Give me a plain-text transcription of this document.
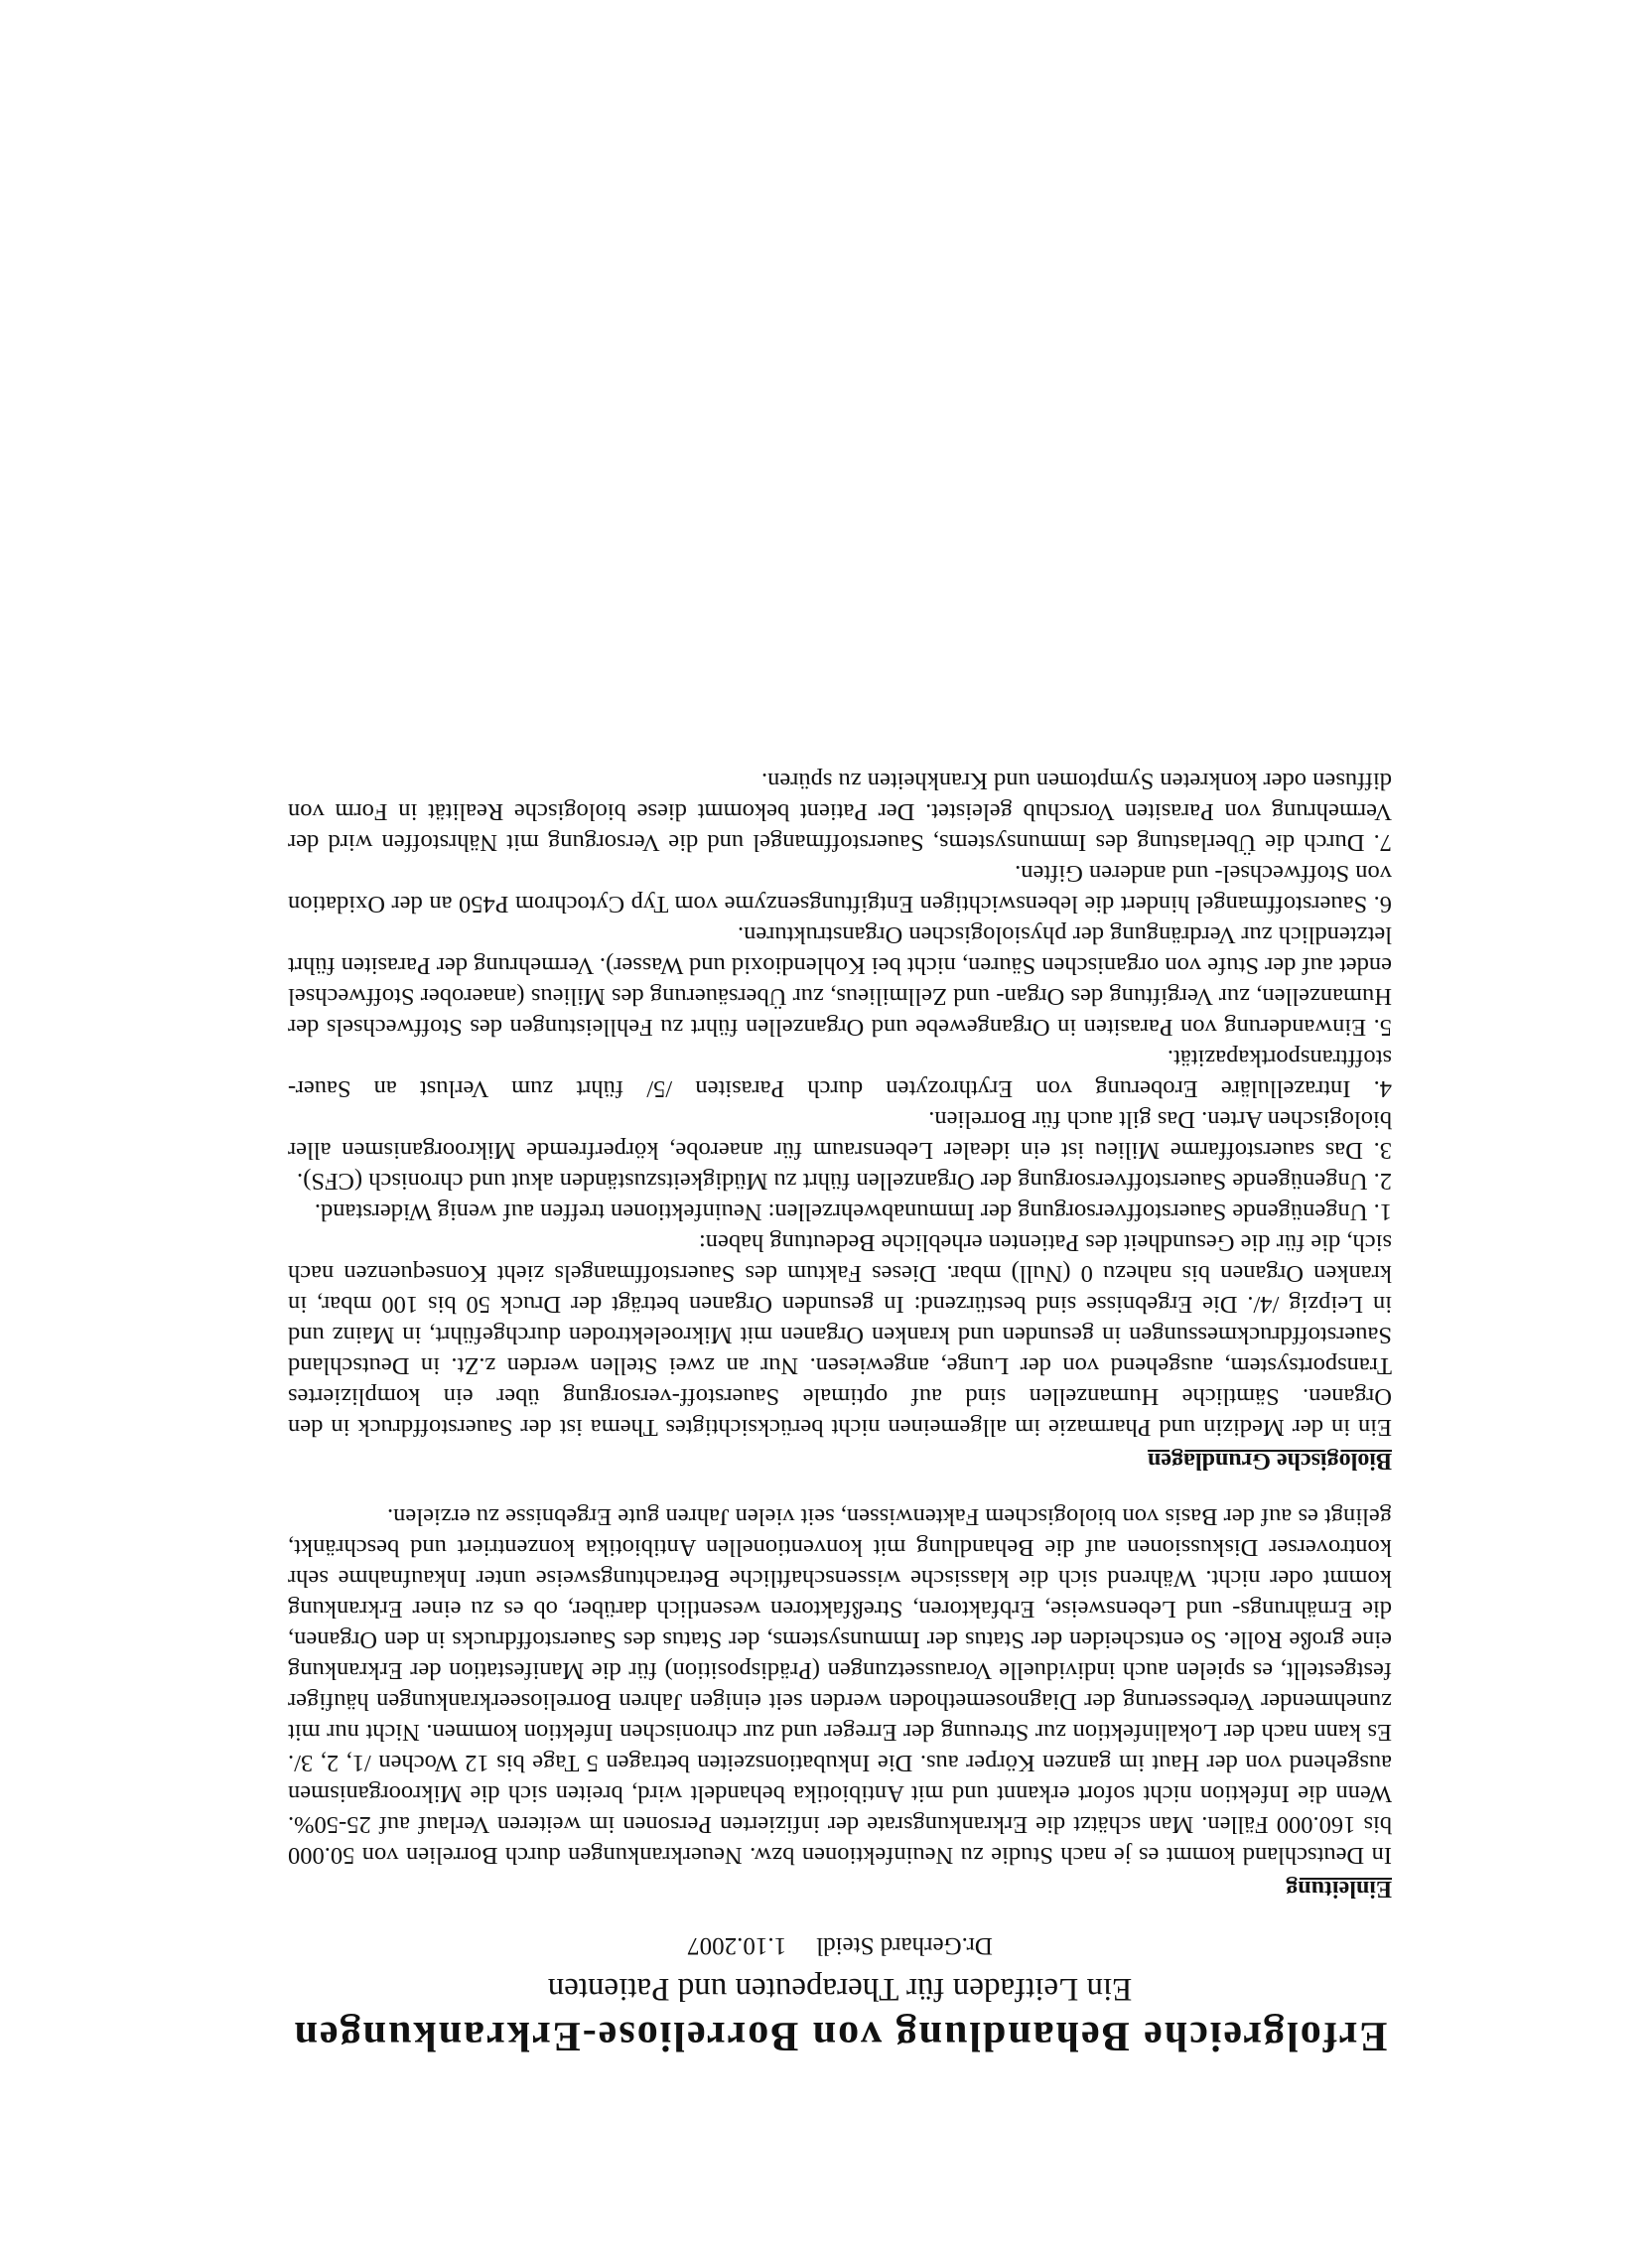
Erfolgreiche Behandlung von Borreliose-Erkrankungen

Ein Leitfaden für Therapeuten und Patienten

Dr.Gerhard Steidl1.10.2007

Einleitung

In Deutschland kommt es je nach Studie zu Neuinfektionen bzw. Neuerkrankungen durch Borrelien von 50.000 bis 160.000 Fällen. Man schätzt die Erkrankungsrate der infizierten Personen im weiteren Verlauf auf 25-50%. Wenn die Infektion nicht sofort erkannt und mit Antibiotika behandelt wird, breiten sich die Mikroorganismen ausgehend von der Haut im ganzen Körper aus. Die Inkubationszeiten betragen 5 Tage bis 12 Wochen /1, 2, 3/. Es kann nach der Lokalinfektion zur Streuung der Erreger und zur chronischen Infektion kommen. Nicht nur mit zunehmender Verbesserung der Diagnosemethoden werden seit einigen Jahren Borrelioseerkrankungen häufiger festgestellt, es spielen auch individuelle Voraussetzungen (Prädisposition) für die Manifestation der Erkrankung eine große Rolle. So entscheiden der Status der Immunsystems, der Status des Sauerstoffdrucks in den Organen, die Ernährungs- und Lebensweise, Erbfaktoren, Streßfaktoren wesentlich darüber, ob es zu einer Erkrankung kommt oder nicht. Während sich die klassische wissenschaftliche Betrachtungsweise unter Inkaufnahme sehr kontroverser Diskussionen auf die Behandlung mit konventionellen Antibiotika konzentriert und beschränkt, gelingt es auf der Basis von biologischem Faktenwissen, seit vielen Jahren gute Ergebnisse zu erzielen.

Biologische Grundlagen

Ein in der Medizin und Pharmazie im allgemeinen nicht berücksichtigtes Thema ist der Sauerstoffdruck in den Organen. Sämtliche Humanzellen sind auf optimale Sauerstoff-versorgung über ein kompliziertes Transportsystem, ausgehend von der Lunge, angewiesen. Nur an zwei Stellen werden z.Zt. in Deutschland Sauerstoffdruckmessungen in gesunden und kranken Organen mit Mikroelektroden durchgeführt, in Mainz und in Leipzig /4/. Die Ergebnisse sind bestürzend: In gesunden Organen beträgt der Druck 50 bis 100 mbar, in kranken Organen bis nahezu 0 (Null) mbar. Dieses Faktum des Sauerstoffmangels zieht Konsequenzen nach sich, die für die Gesundheit des Patienten erhebliche Bedeutung haben:

1. Ungenügende Sauerstoffversorgung der Immunabwehrzellen: Neuinfektionen treffen auf wenig Widerstand.
2. Ungenügende Sauerstoffversorgung der Organzellen führt zu Müdigkeitszuständen akut und chronisch (CFS).
3. Das sauerstoffarme Milieu ist ein idealer Lebensraum für anaerobe, körperfremde Mikroorganismen aller biologischen Arten. Das gilt auch für Borrelien.
4. Intrazelluläre Eroberung von Erythrozyten durch Parasiten /5/ führt zum Verlust an Sauer-stofftransportkapazität.
5. Einwanderung von Parasiten in Organgewebe und Organzellen führt zu Fehlleistungen des Stoffwechsels der Humanzellen, zur Vergiftung des Organ- und Zellmilieus, zur Übersäuerung des Milieus (anaerober Stoffwechsel endet auf der Stufe von organischen Säuren, nicht bei Kohlendioxid und Wasser). Vermehrung der Parasiten führt letztendlich zur Verdrängung der physiologischen Organstrukturen.
6. Sauerstoffmangel hindert die lebenswichtigen Entgiftungsenzyme vom Typ Cytochrom P450 an der Oxidation von Stoffwechsel- und anderen Giften.
7. Durch die Überlastung des Immunsystems, Sauerstoffmangel und die Versorgung mit Nährstoffen wird der Vermehrung von Parasiten Vorschub geleistet. Der Patient bekommt diese biologische Realität in Form von diffusen oder konkreten Symptomen und Krankheiten zu spüren.
